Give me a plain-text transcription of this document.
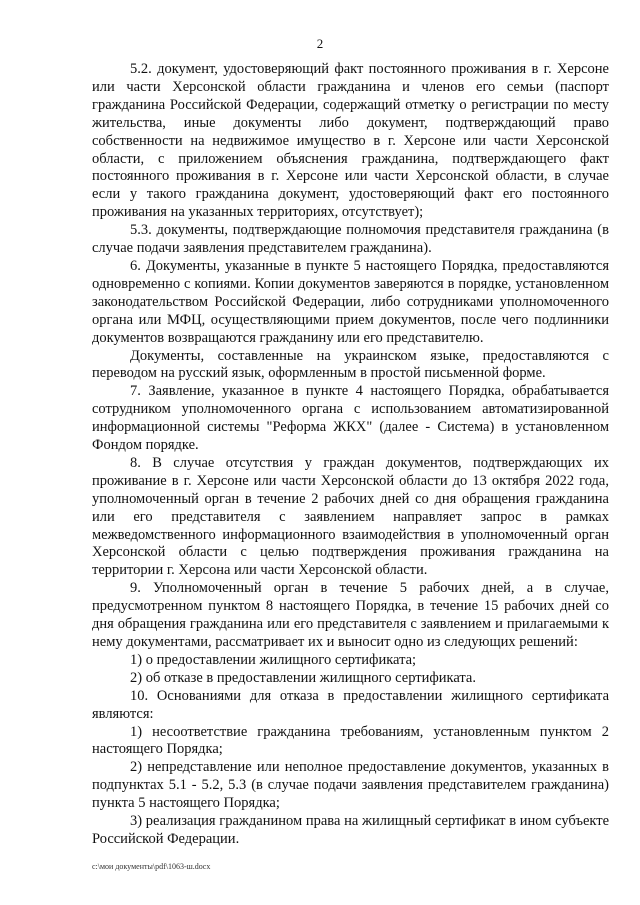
2

5.2. документ, удостоверяющий факт постоянного проживания в г. Херсоне или части Херсонской области гражданина и членов его семьи (паспорт гражданина Российской Федерации, содержащий отметку о регистрации по месту жительства, иные документы либо документ, подтверждающий право собственности на недвижимое имущество в г. Херсоне или части Херсонской области, с приложением объяснения гражданина, подтверждающего факт постоянного проживания в г. Херсоне или части Херсонской области, в случае если у такого гражданина документ, удостоверяющий факт его постоянного проживания на указанных территориях, отсутствует);

5.3. документы, подтверждающие полномочия представителя гражданина (в случае подачи заявления представителем гражданина).

6. Документы, указанные в пункте 5 настоящего Порядка, предоставляются одновременно с копиями. Копии документов заверяются в порядке, установленном законодательством Российской Федерации, либо сотрудниками уполномоченного органа или МФЦ, осуществляющими прием документов, после чего подлинники документов возвращаются гражданину или его представителю.

Документы, составленные на украинском языке, предоставляются с переводом на русский язык, оформленным в простой письменной форме.

7. Заявление, указанное в пункте 4 настоящего Порядка, обрабатывается сотрудником уполномоченного органа с использованием автоматизированной информационной системы "Реформа ЖКХ" (далее - Система) в установленном Фондом порядке.

8. В случае отсутствия у граждан документов, подтверждающих их проживание в г. Херсоне или части Херсонской области до 13 октября 2022 года, уполномоченный орган в течение 2 рабочих дней со дня обращения гражданина или его представителя с заявлением направляет запрос в рамках межведомственного информационного взаимодействия в уполномоченный орган Херсонской области с целью подтверждения проживания гражданина на территории г. Херсона или части Херсонской области.

9. Уполномоченный орган в течение 5 рабочих дней, а в случае, предусмотренном пунктом 8 настоящего Порядка, в течение 15 рабочих дней со дня обращения гражданина или его представителя с заявлением и прилагаемыми к нему документами, рассматривает их и выносит одно из следующих решений:

1) о предоставлении жилищного сертификата;

2) об отказе в предоставлении жилищного сертификата.

10. Основаниями для отказа в предоставлении жилищного сертификата являются:

1) несоответствие гражданина требованиям, установленным пунктом 2 настоящего Порядка;

2) непредставление или неполное предоставление документов, указанных в подпунктах 5.1 - 5.2, 5.3 (в случае подачи заявления представителем гражданина) пункта 5 настоящего Порядка;

3) реализация гражданином права на жилищный сертификат в ином субъекте Российской Федерации.

c:\мои документы\pdf\1063-ш.docx
